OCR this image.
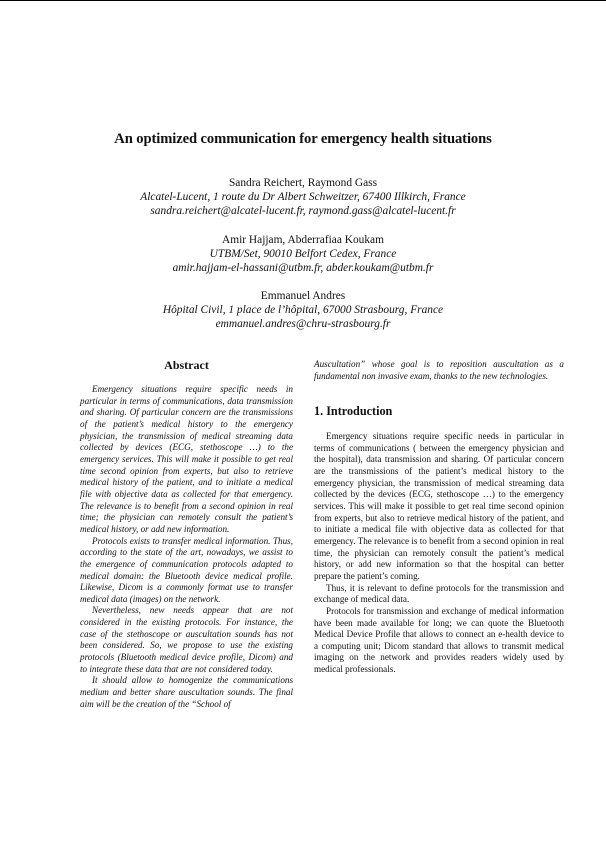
An optimized communication for emergency health situations
Sandra Reichert, Raymond Gass
Alcatel-Lucent, 1 route du Dr Albert Schweitzer, 67400 Illkirch, France
sandra.reichert@alcatel-lucent.fr, raymond.gass@alcatel-lucent.fr
Amir Hajjam, Abderrafiaa Koukam
UTBM/Set, 90010 Belfort Cedex, France
amir.hajjam-el-hassani@utbm.fr, abder.koukam@utbm.fr
Emmanuel Andres
Hôpital Civil, 1 place de l’hôpital, 67000 Strasbourg, France
emmanuel.andres@chru-strasbourg.fr
Abstract

Emergency situations require specific needs in particular in terms of communications, data transmission and sharing. Of particular concern are the transmissions of the patient’s medical history to the emergency physician, the transmission of medical streaming data collected by devices (ECG, stethoscope …) to the emergency services. This will make it possible to get real time second opinion from experts, but also to retrieve medical history of the patient, and to initiate a medical file with objective data as collected for that emergency. The relevance is to benefit from a second opinion in real time; the physician can remotely consult the patient’s medical history, or add new information.

Protocols exists to transfer medical information. Thus, according to the state of the art, nowadays, we assist to the emergence of communication protocols adapted to medical domain: the Bluetooth device medical profile. Likewise, Dicom is a commonly format use to transfer medical data (images) on the network.

Nevertheless, new needs appear that are not considered in the existing protocols. For instance, the case of the stethoscope or auscultation sounds has not been considered. So, we propose to use the existing protocols (Bluetooth medical device profile, Dicom) and to integrate these data that are not considered today.

It should allow to homogenize the communications medium and better share auscultation sounds. The final aim will be the creation of the “School of

Auscultation” whose goal is to reposition auscultation as a fundamental non invasive exam, thanks to the new technologies.

1. Introduction

Emergency situations require specific needs in particular in terms of communications ( between the emergency physician and the hospital), data transmission and sharing. Of particular concern are the transmissions of the patient’s medical history to the emergency physician, the transmission of medical streaming data collected by the devices (ECG, stethoscope …) to the emergency services. This will make it possible to get real time second opinion from experts, but also to retrieve medical history of the patient, and to initiate a medical file with objective data as collected for that emergency. The relevance is to benefit from a second opinion in real time, the physician can remotely consult the patient’s medical history, or add new information so that the hospital can better prepare the patient’s coming.

Thus, it is relevant to define protocols for the transmission and exchange of medical data.

Protocols for transmission and exchange of medical information have been made available for long; we can quote the Bluetooth Medical Device Profile that allows to connect an e-health device to a computing unit; Dicom standard that allows to transmit medical imaging on the network and provides readers widely used by medical professionals.
